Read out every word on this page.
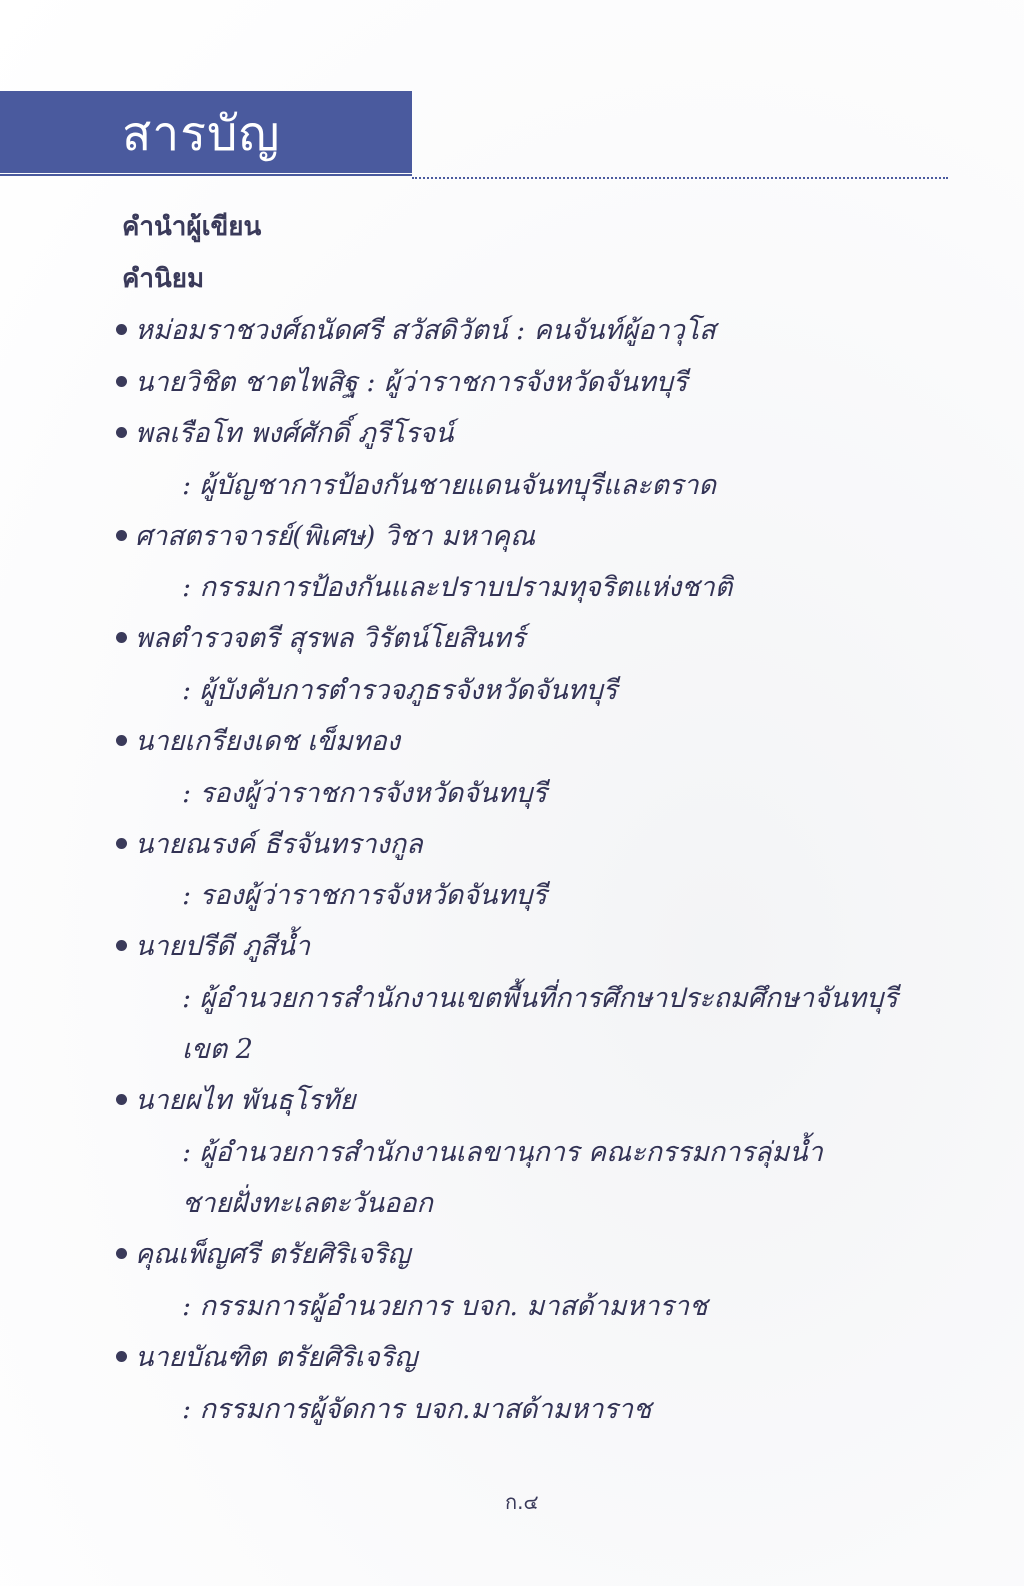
สารบัญ
คำนำผู้เขียน
คำนิยม
หม่อมราชวงศ์ถนัดศรี สวัสดิวัตน์ : คนจันท์ผู้อาวุโส
นายวิชิต ชาตไพสิฐ : ผู้ว่าราชการจังหวัดจันทบุรี
พลเรือโท พงศ์ศักดิ์ ภูรีโรจน์
: ผู้บัญชาการป้องกันชายแดนจันทบุรีและตราด
ศาสตราจารย์(พิเศษ) วิชา มหาคุณ
: กรรมการป้องกันและปราบปรามทุจริตแห่งชาติ
พลตำรวจตรี สุรพล วิรัตน์โยสินทร์
: ผู้บังคับการตำรวจภูธรจังหวัดจันทบุรี
นายเกรียงเดช เข็มทอง
: รองผู้ว่าราชการจังหวัดจันทบุรี
นายณรงค์ ธีรจันทรางกูล
: รองผู้ว่าราชการจังหวัดจันทบุรี
นายปรีดี ภูสีน้ำ
: ผู้อำนวยการสำนักงานเขตพื้นที่การศึกษาประถมศึกษาจันทบุรี
เขต 2
นายผไท พันธุโรทัย
: ผู้อำนวยการสำนักงานเลขานุการ คณะกรรมการลุ่มน้ำ
ชายฝั่งทะเลตะวันออก
คุณเพ็ญศรี ตรัยศิริเจริญ
: กรรมการผู้อำนวยการ บจก. มาสด้ามหาราช
นายบัณฑิต ตรัยศิริเจริญ
: กรรมการผู้จัดการ บจก.มาสด้ามหาราช
ก.๔
